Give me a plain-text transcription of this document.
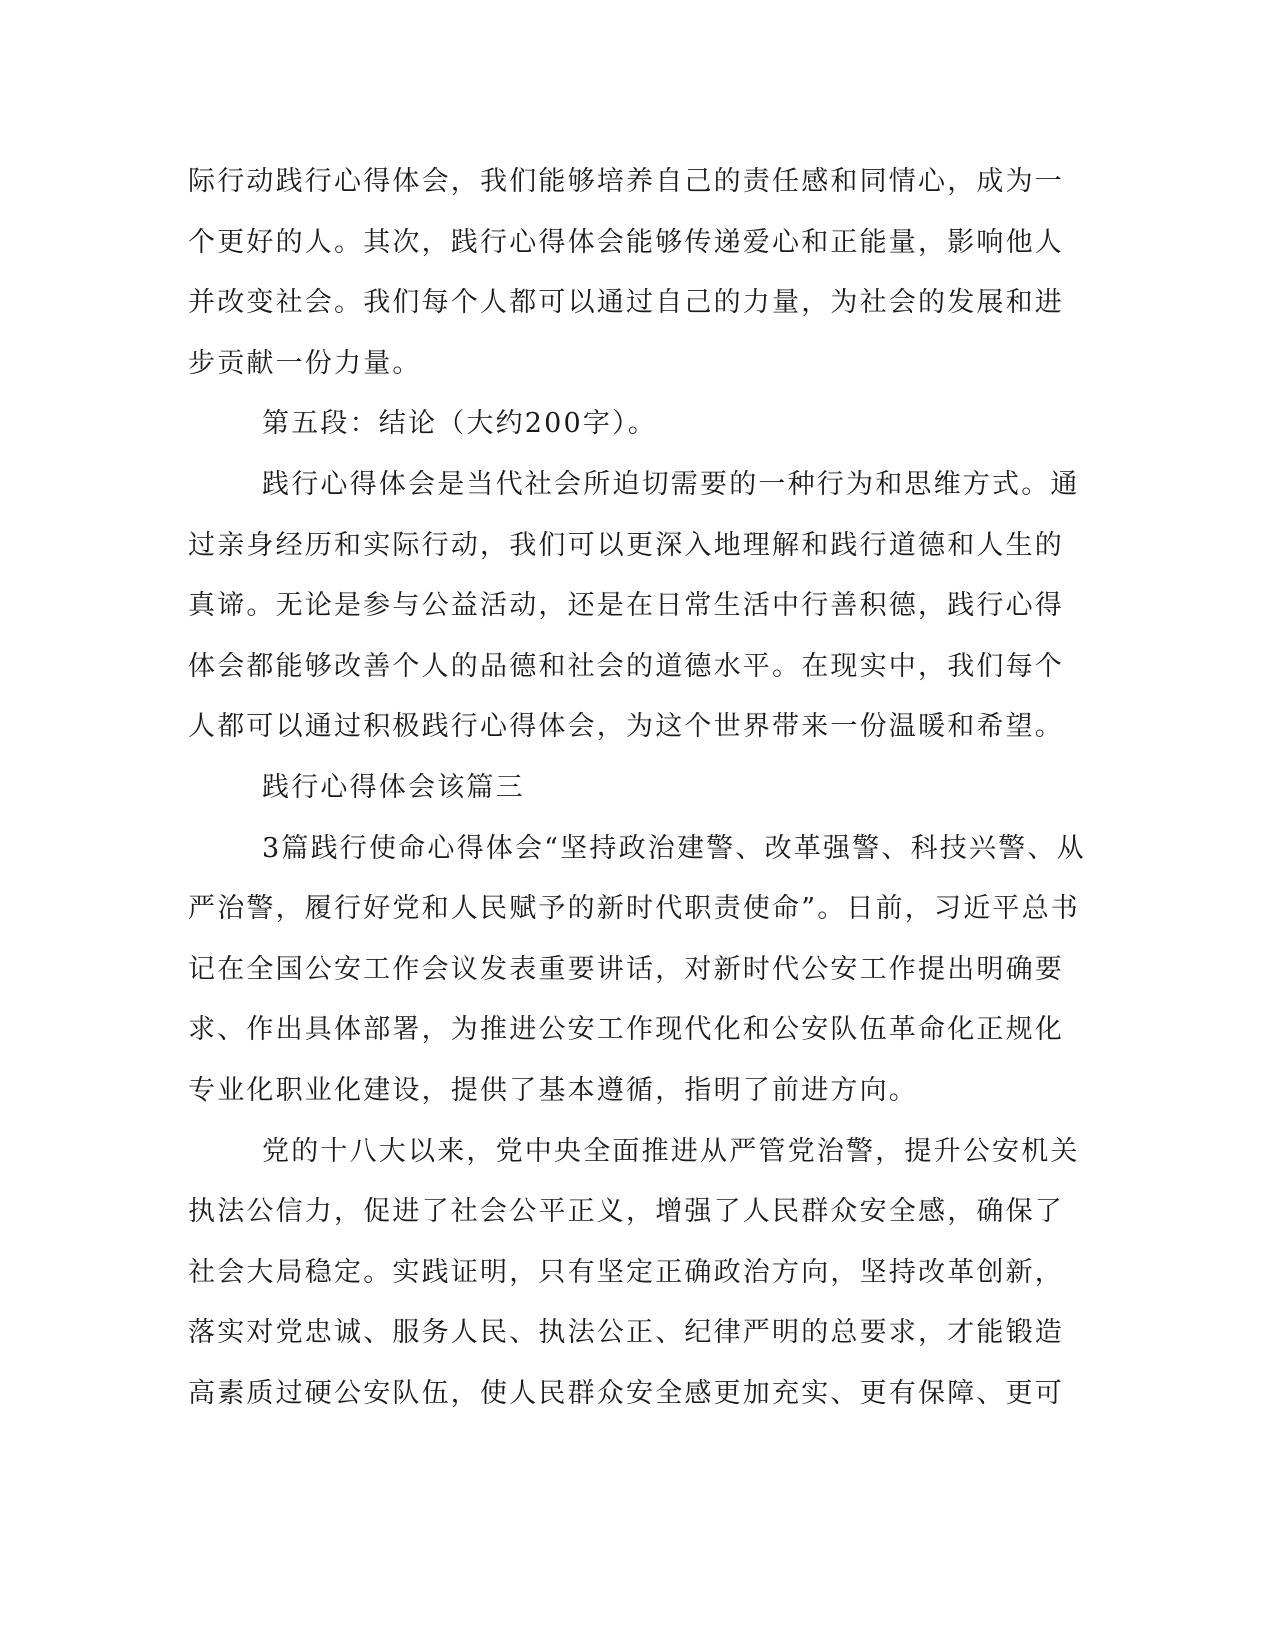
际行动践行心得体会，我们能够培养自己的责任感和同情心，成为一
个更好的人。其次，践行心得体会能够传递爱心和正能量，影响他人
并改变社会。我们每个人都可以通过自己的力量，为社会的发展和进
步贡献一份力量。
第五段：结论（大约200字）。
践行心得体会是当代社会所迫切需要的一种行为和思维方式。通
过亲身经历和实际行动，我们可以更深入地理解和践行道德和人生的
真谛。无论是参与公益活动，还是在日常生活中行善积德，践行心得
体会都能够改善个人的品德和社会的道德水平。在现实中，我们每个
人都可以通过积极践行心得体会，为这个世界带来一份温暖和希望。
践行心得体会该篇三
3篇践行使命心得体会“坚持政治建警、改革强警、科技兴警、从
严治警，履行好党和人民赋予的新时代职责使命”。日前，习近平总书
记在全国公安工作会议发表重要讲话，对新时代公安工作提出明确要
求、作出具体部署，为推进公安工作现代化和公安队伍革命化正规化
专业化职业化建设，提供了基本遵循，指明了前进方向。
党的十八大以来，党中央全面推进从严管党治警，提升公安机关
执法公信力，促进了社会公平正义，增强了人民群众安全感，确保了
社会大局稳定。实践证明，只有坚定正确政治方向，坚持改革创新，
落实对党忠诚、服务人民、执法公正、纪律严明的总要求，才能锻造
高素质过硬公安队伍，使人民群众安全感更加充实、更有保障、更可
